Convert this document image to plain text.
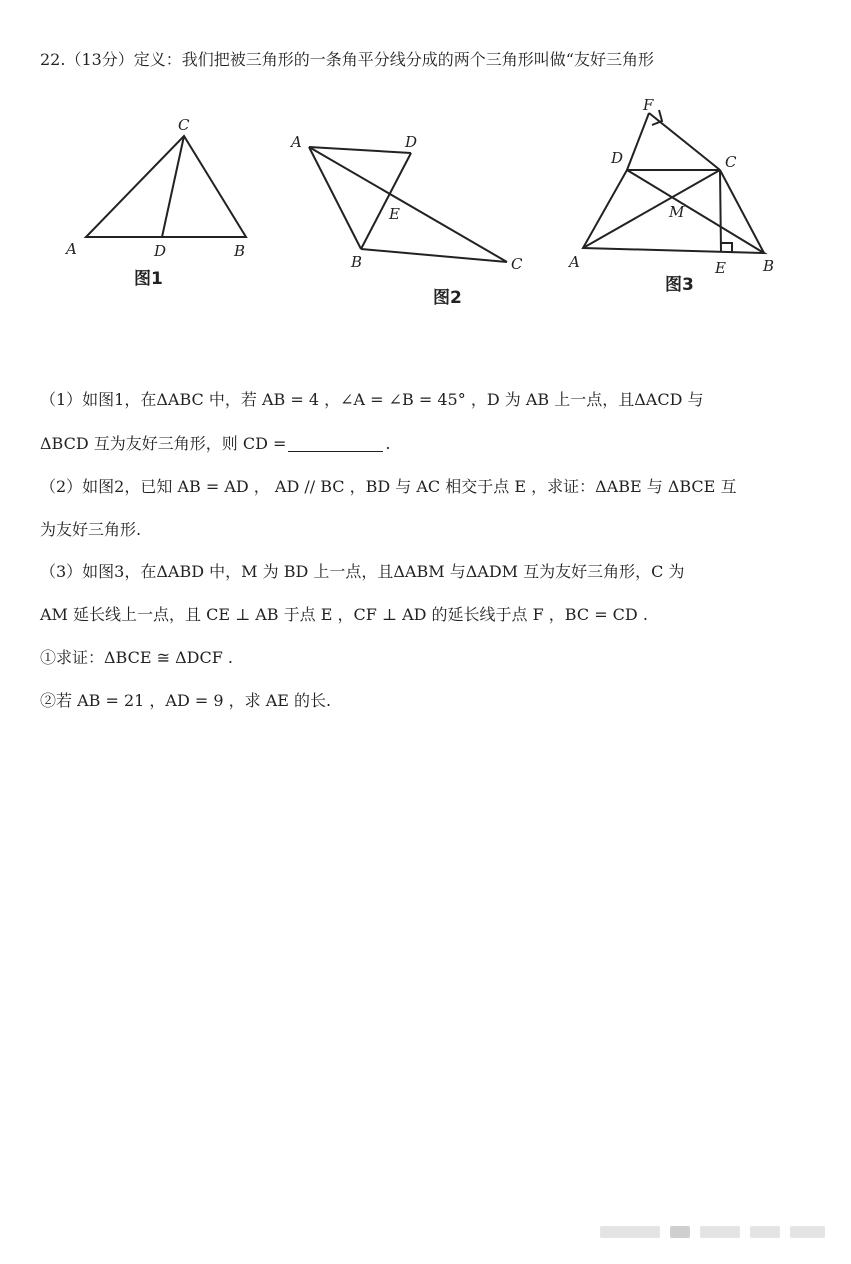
22.（13分）定义：我们把被三角形的一条角平分线分成的两个三角形叫做“友好三角形
C
A	D	B
图1
A	D
E
B	C
图2
F
D	C
M
A	E B
图3
（1）如图1，在ΔABC 中，若 AB = 4 ，∠A = ∠B = 45° ，D 为 AB 上一点，且ΔACD 与
ΔBCD 互为友好三角形，则 CD =	.
（2）如图2，已知 AB = AD ， AD // BC ，BD 与 AC 相交于点 E ，求证：ΔABE 与 ΔBCE 互
为友好三角形.
（3）如图3，在ΔABD 中，M 为 BD 上一点，且ΔABM 与ΔADM 互为友好三角形，C 为
AM 延长线上一点，且 CE ⊥ AB 于点 E ，CF ⊥ AD 的延长线于点 F ，BC = CD .
①求证：ΔBCE ≅ ΔDCF .
②若 AB = 21 ，AD = 9 ，求 AE 的长.
